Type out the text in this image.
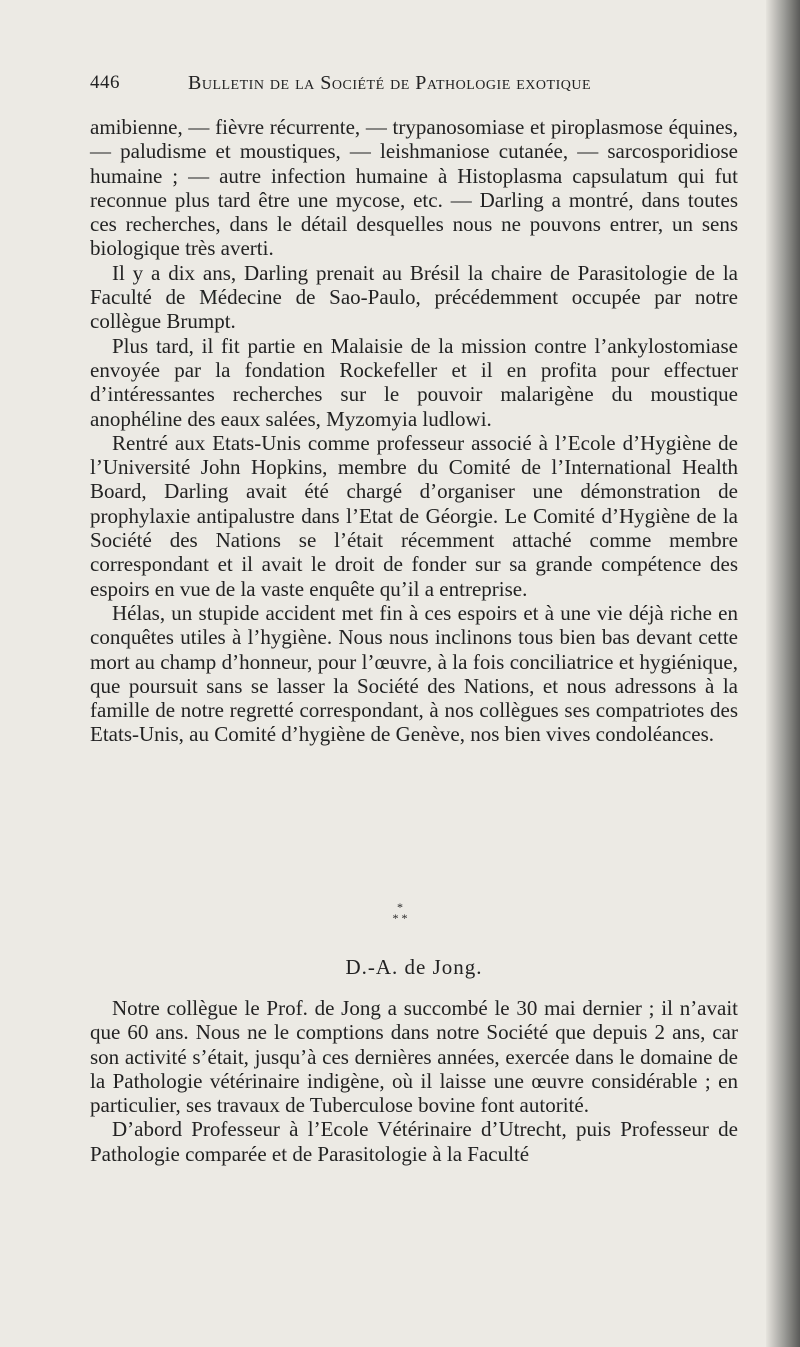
446	Bulletin de la Société de Pathologie exotique

amibienne, — fièvre récurrente, — trypanosomiase et piroplasmose équines, — paludisme et moustiques, — leishmaniose cutanée, — sarcosporidiose humaine ; — autre infection humaine à Histoplasma capsulatum qui fut reconnue plus tard être une mycose, etc. — Darling a montré, dans toutes ces recherches, dans le détail desquelles nous ne pouvons entrer, un sens biologique très averti.

Il y a dix ans, Darling prenait au Brésil la chaire de Parasitologie de la Faculté de Médecine de Sao-Paulo, précédemment occupée par notre collègue Brumpt.

Plus tard, il fit partie en Malaisie de la mission contre l’ankylostomiase envoyée par la fondation Rockefeller et il en profita pour effectuer d’intéressantes recherches sur le pouvoir malarigène du moustique anophéline des eaux salées, Myzomyia ludlowi.

Rentré aux Etats-Unis comme professeur associé à l’Ecole d’Hygiène de l’Université John Hopkins, membre du Comité de l’International Health Board, Darling avait été chargé d’organiser une démonstration de prophylaxie antipalustre dans l’Etat de Géorgie. Le Comité d’Hygiène de la Société des Nations se l’était récemment attaché comme membre correspondant et il avait le droit de fonder sur sa grande compétence des espoirs en vue de la vaste enquête qu’il a entreprise.

Hélas, un stupide accident met fin à ces espoirs et à une vie déjà riche en conquêtes utiles à l’hygiène. Nous nous inclinons tous bien bas devant cette mort au champ d’honneur, pour l’œuvre, à la fois conciliatrice et hygiénique, que poursuit sans se lasser la Société des Nations, et nous adressons à la famille de notre regretté correspondant, à nos collègues ses compatriotes des Etats-Unis, au Comité d’hygiène de Genève, nos bien vives condoléances.

*
* *
D.-A. de Jong.

Notre collègue le Prof. de Jong a succombé le 30 mai dernier ; il n’avait que 60 ans. Nous ne le comptions dans notre Société que depuis 2 ans, car son activité s’était, jusqu’à ces dernières années, exercée dans le domaine de la Pathologie vétérinaire indigène, où il laisse une œuvre considérable ; en particulier, ses travaux de Tuberculose bovine font autorité.

D’abord Professeur à l’Ecole Vétérinaire d’Utrecht, puis Professeur de Pathologie comparée et de Parasitologie à la Faculté
